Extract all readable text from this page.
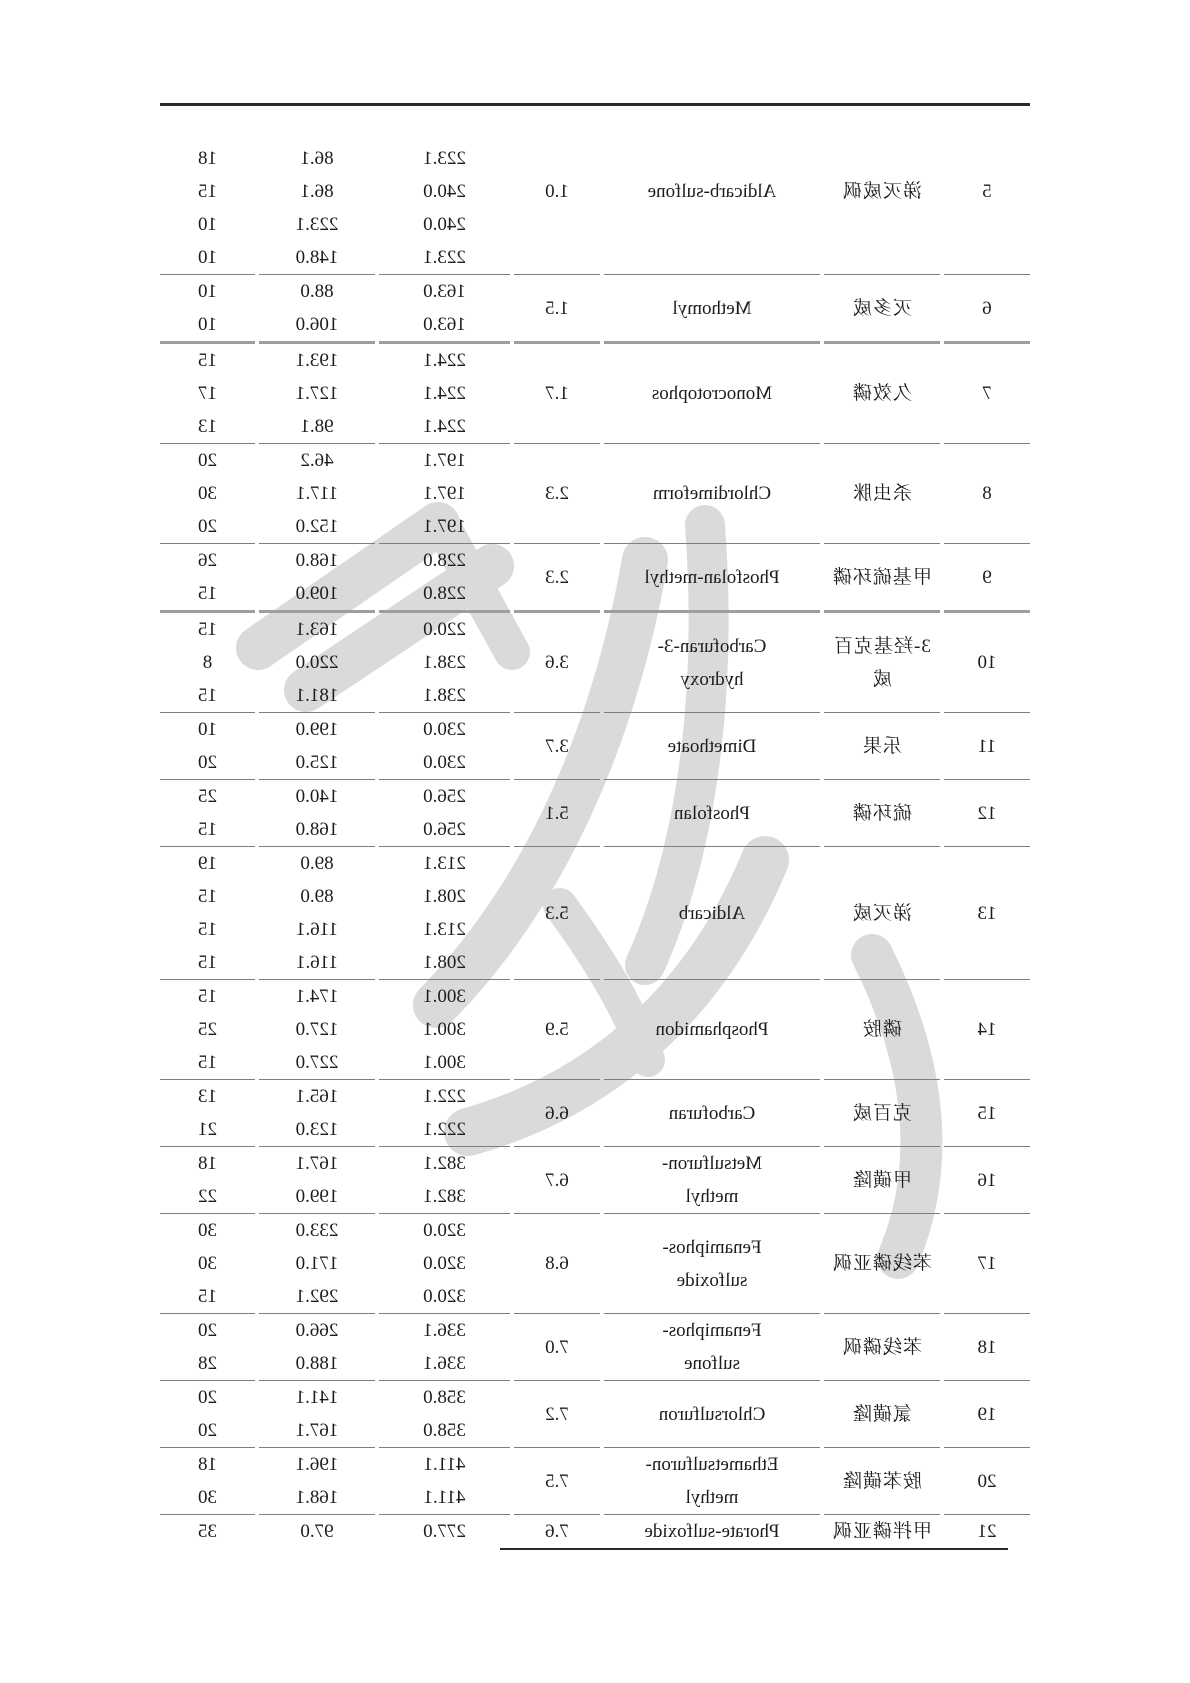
5
涕灭威砜
Aldicarb-sulfone
1.0
223.1
240.0
240.0
223.1
86.1
86.1
223.1
148.0
18
15
10
10
6
灭多威
Methomyl
1.5
163.0
163.0
88.0
106.0
10
10
7
久效磷
Monocrotophos
1.7
224.1
224.1
224.1
193.1
127.1
98.1
15
17
13
8
杀虫脒
Chlordimeform
2.3
197.1
197.1
197.1
46.2
117.1
152.0
20
30
20
9
甲基硫环磷
Phosfolan-methyl
2.3
228.0
228.0
168.0
109.0
26
15
10
3-羟基克百
威
Carbofuran-3-
hydroxy
3.6
220.0
238.1
238.1
163.1
220.0
181.1
15
8
15
11
乐果
Dimethoate
3.7
230.0
230.0
199.0
125.0
10
20
12
硫环磷
Phosfolan
5.1
256.0
256.0
140.0
168.0
25
15
13
涕灭威
Aldicarb
5.3
213.1
208.1
213.1
208.1
89.0
89.0
116.1
116.1
19
15
15
15
14
磷胺
Phosphamidon
5.9
300.1
300.1
300.1
174.1
127.0
227.0
15
25
15
15
克百威
Carbofuran
6.6
222.1
222.1
165.1
123.0
13
21
16
甲磺隆
Metsulfuron-
methyl
6.7
382.1
382.1
167.1
199.0
18
22
17
苯线磷亚砜
Fenamiphos-
sulfoxide
6.8
320.0
320.0
320.0
233.0
171.0
292.1
30
30
15
18
苯线磷砜
Fenamiphos-
sulfone
7.0
336.1
336.1
266.0
188.0
20
28
19
氯磺隆
Chlorsulfuron
7.2
358.0
358.0
141.1
167.1
20
20
20
胺苯磺隆
Ethametsulfuron-
methyl
7.5
411.1
411.1
196.1
168.1
18
30
21
甲拌磷亚砜
Phorate-sulfoxide
7.6
277.0
97.0
35
